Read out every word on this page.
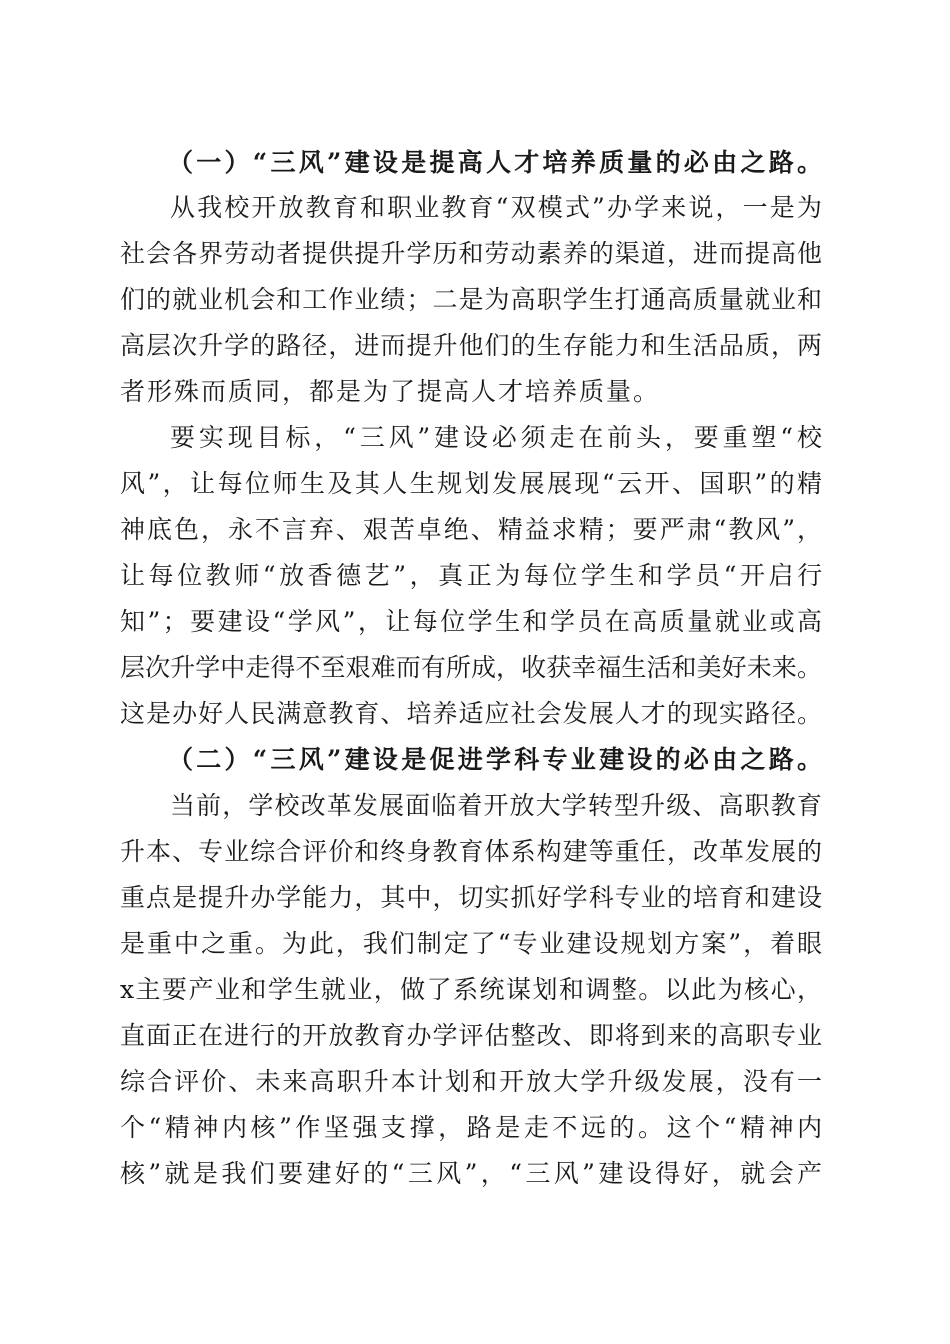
（一）“三风”建设是提高人才培养质量的必由之路。
从我校开放教育和职业教育“双模式”办学来说，一是为
社会各界劳动者提供提升学历和劳动素养的渠道，进而提高他
们的就业机会和工作业绩；二是为高职学生打通高质量就业和
高层次升学的路径，进而提升他们的生存能力和生活品质，两
者形殊而质同，都是为了提高人才培养质量。
要实现目标，“三风”建设必须走在前头，要重塑“校
风”，让每位师生及其人生规划发展展现“云开、国职”的精
神底色，永不言弃、艰苦卓绝、精益求精；要严肃“教风”，
让每位教师“放香德艺”，真正为每位学生和学员“开启行
知”；要建设“学风”，让每位学生和学员在高质量就业或高
层次升学中走得不至艰难而有所成，收获幸福生活和美好未来。
这是办好人民满意教育、培养适应社会发展人才的现实路径。
（二）“三风”建设是促进学科专业建设的必由之路。
当前，学校改革发展面临着开放大学转型升级、高职教育
升本、专业综合评价和终身教育体系构建等重任，改革发展的
重点是提升办学能力，其中，切实抓好学科专业的培育和建设
是重中之重。为此，我们制定了“专业建设规划方案”，着眼
x主要产业和学生就业，做了系统谋划和调整。以此为核心，
直面正在进行的开放教育办学评估整改、即将到来的高职专业
综合评价、未来高职升本计划和开放大学升级发展，没有一
个“精神内核”作坚强支撑，路是走不远的。这个“精神内
核”就是我们要建好的“三风”，“三风”建设得好，就会产
